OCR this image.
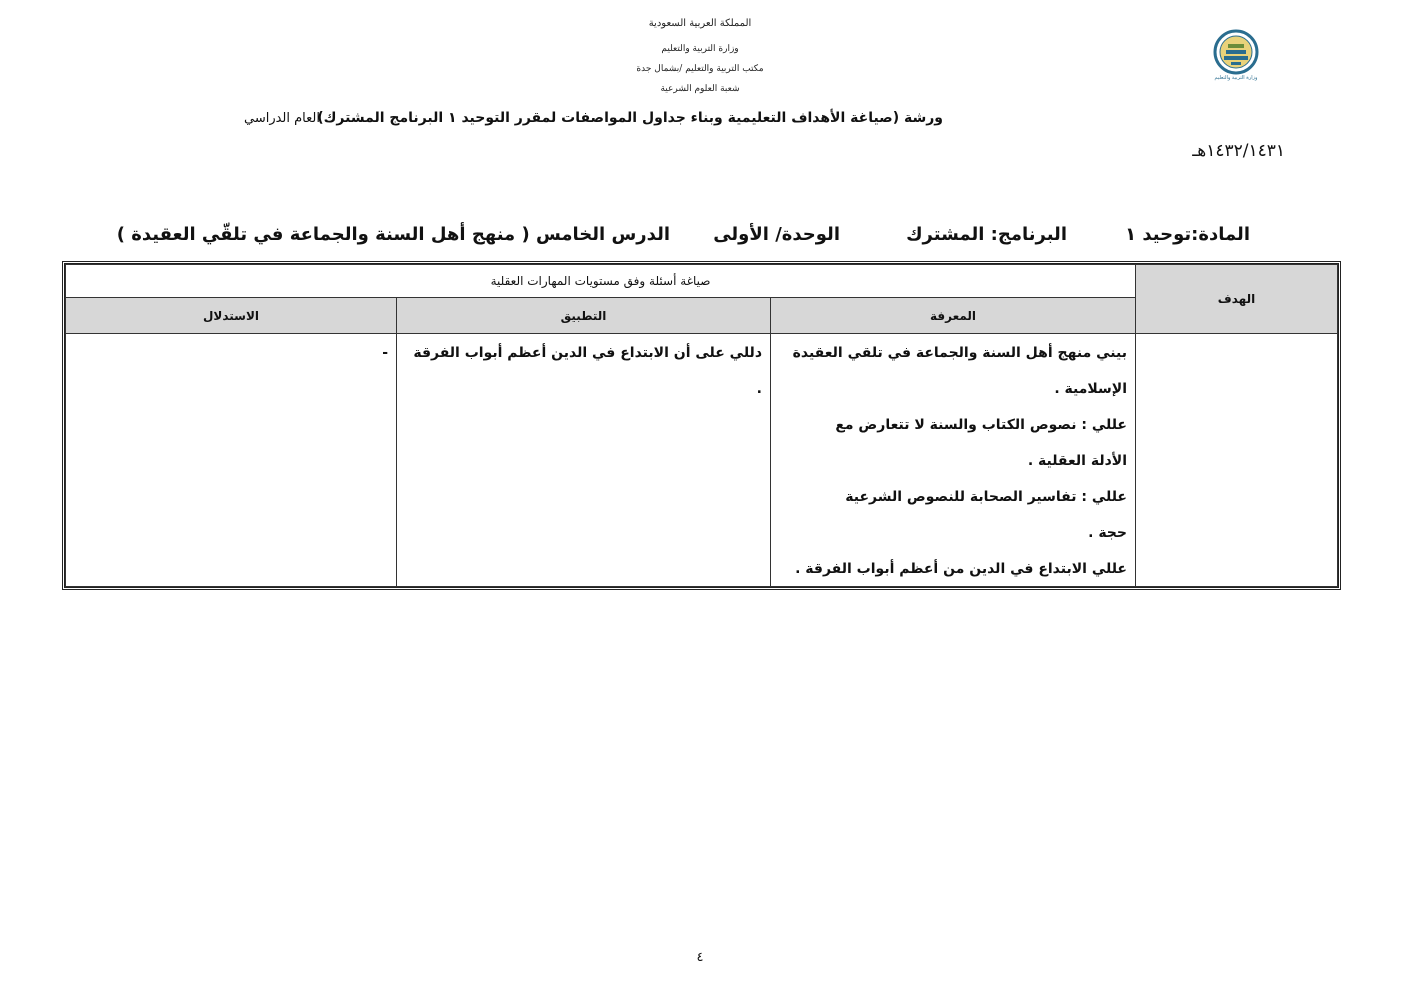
المملكة العربية السعودية
وزارة التربية والتعليم
مكتب التربية والتعليم /بشمال جدة
شعبة العلوم الشرعية
وزارة التربية والتعليم
ورشة (صياغة الأهداف التعليمية وبناء جداول المواصفات لمقرر التوحيد ١ البرنامج المشترك)
العام الدراسي
١٤٣٢/١٤٣١هـ
المادة:توحيد ١
البرنامج: المشترك
الوحدة/ الأولى
الدرس الخامس ( منهج أهل السنة والجماعة في تلقّي العقيدة )
الهدف
صياغة أسئلة وفق مستويات المهارات العقلية
المعرفة
التطبيق
الاستدلال

بيني منهج أهل السنة والجماعة في تلقي العقيدة

الإسلامية .

عللي : نصوص الكتاب والسنة لا تتعارض مع

الأدلة العقلية .

عللي : تفاسير الصحابة للنصوص الشرعية

حجة .

عللي الابتداع في الدين من أعظم أبواب الفرقة .

دللي على أن الابتداع في الدين أعظم أبواب الفرقة

.

-
٤
